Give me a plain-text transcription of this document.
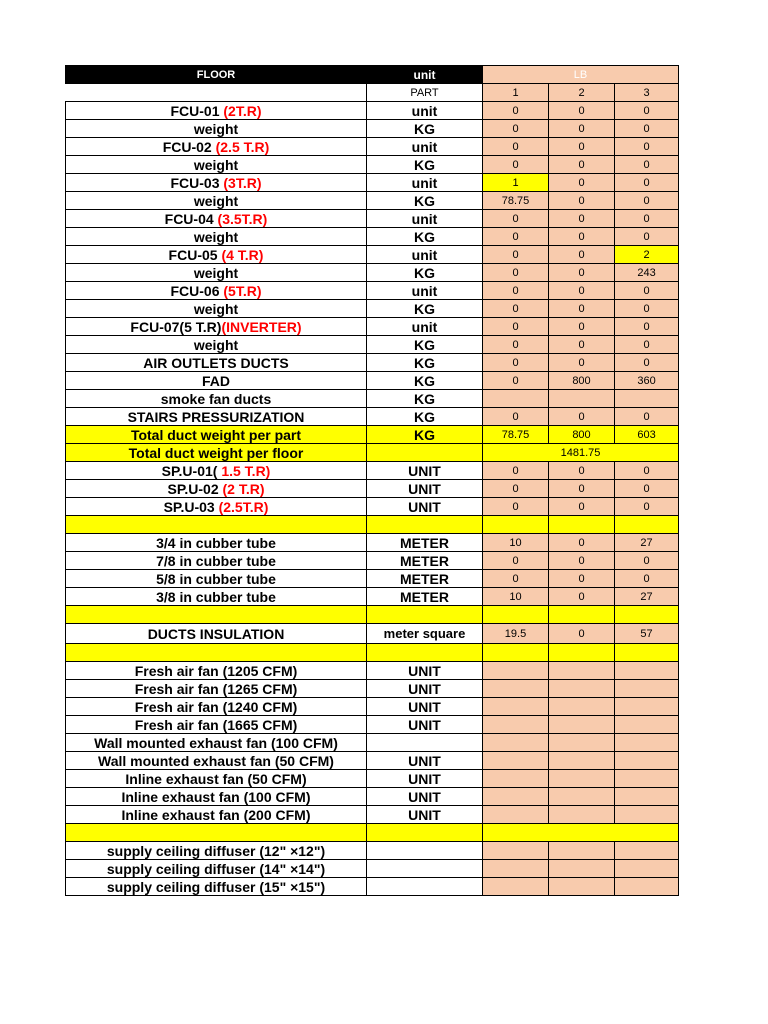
FLOOR	unit	LB		
	PART	1	2	3
FCU-01 (2T.R)	unit	0	0	0
weight	KG	0	0	0
FCU-02 (2.5 T.R)	unit	0	0	0
weight	KG	0	0	0
FCU-03 (3T.R)	unit	1	0	0
weight	KG	78.75	0	0
FCU-04 (3.5T.R)	unit	0	0	0
weight	KG	0	0	0
FCU-05 (4 T.R)	unit	0	0	2
weight	KG	0	0	243
FCU-06 (5T.R)	unit	0	0	0
weight	KG	0	0	0
FCU-07(5 T.R)(INVERTER)	unit	0	0	0
weight	KG	0	0	0
AIR OUTLETS DUCTS	KG	0	0	0
FAD	KG	0	800	360
smoke fan ducts	KG			
STAIRS PRESSURIZATION	KG	0	0	0
Total duct weight per part	KG	78.75	800	603
Total duct weight per floor		1481.75		
SP.U-01( 1.5 T.R)	UNIT	0	0	0
SP.U-02 (2 T.R)	UNIT	0	0	0
SP.U-03 (2.5T.R)	UNIT	0	0	0

3/4 in cubber tube	METER	10	0	27
7/8 in cubber tube	METER	0	0	0
5/8 in cubber tube	METER	0	0	0
3/8 in cubber tube	METER	10	0	27

DUCTS INSULATION	meter square	19.5	0	57

Fresh air fan (1205 CFM)	UNIT			
Fresh air fan (1265 CFM)	UNIT			
Fresh air fan (1240 CFM)	UNIT			
Fresh air fan (1665 CFM)	UNIT			
Wall mounted exhaust fan (100 CFM)				
Wall mounted exhaust fan (50 CFM)	UNIT			
Inline exhaust fan (50 CFM)	UNIT			
Inline exhaust fan (100 CFM)	UNIT			
Inline exhaust fan (200 CFM)	UNIT			

supply ceiling diffuser (12" ×12")				
supply ceiling diffuser (14" ×14")				
supply ceiling diffuser (15" ×15")				
